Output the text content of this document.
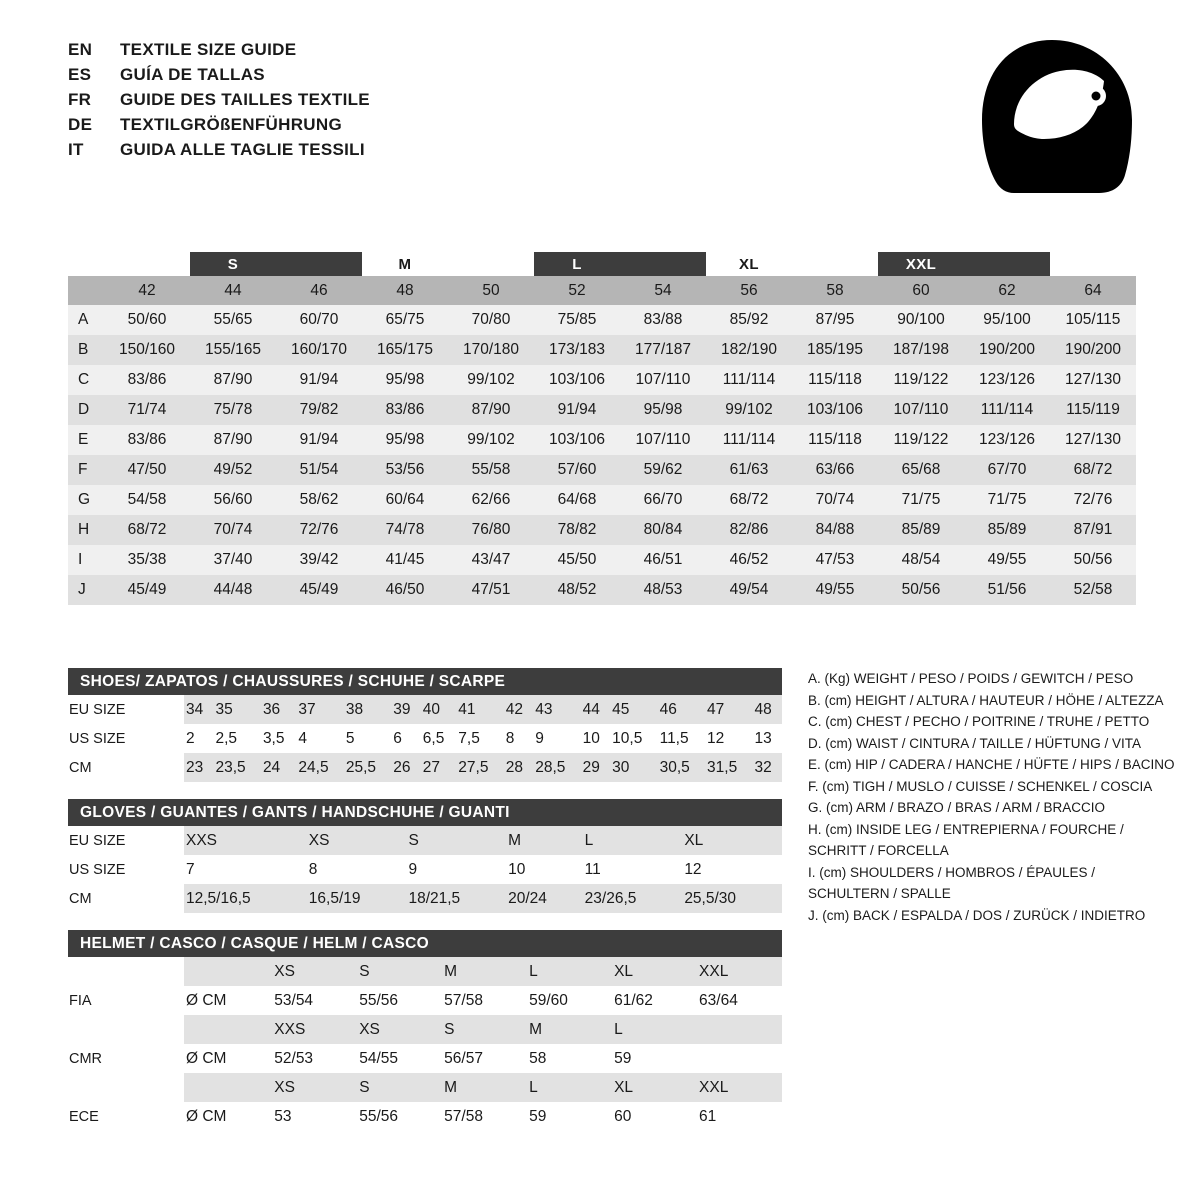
EN	TEXTILE SIZE GUIDE
ES	GUÍA DE TALLAS
FR	GUIDE DES TAILLES TEXTILE
DE	TEXTILGRÖßENFÜHRUNG
IT	GUIDA ALLE TAGLIE TESSILI
		S		M		L		XL		XXL		
	42	44	46	48	50	52	54	56	58	60	62	64
A	50/60	55/65	60/70	65/75	70/80	75/85	83/88	85/92	87/95	90/100	95/100	105/115
B	150/160	155/165	160/170	165/175	170/180	173/183	177/187	182/190	185/195	187/198	190/200	190/200
C	83/86	87/90	91/94	95/98	99/102	103/106	107/110	111/114	115/118	119/122	123/126	127/130
D	71/74	75/78	79/82	83/86	87/90	91/94	95/98	99/102	103/106	107/110	111/114	115/119
E	83/86	87/90	91/94	95/98	99/102	103/106	107/110	111/114	115/118	119/122	123/126	127/130
F	47/50	49/52	51/54	53/56	55/58	57/60	59/62	61/63	63/66	65/68	67/70	68/72
G	54/58	56/60	58/62	60/64	62/66	64/68	66/70	68/72	70/74	71/75	71/75	72/76
H	68/72	70/74	72/76	74/78	76/80	78/82	80/84	82/86	84/88	85/89	85/89	87/91
I	35/38	37/40	39/42	41/45	43/47	45/50	46/51	46/52	47/53	48/54	49/55	50/56
J	45/49	44/48	45/49	46/50	47/51	48/52	48/53	49/54	49/55	50/56	51/56	52/58
SHOES/ ZAPATOS / CHAUSSURES / SCHUHE / SCARPE															
EU SIZE	34	35	36	37	38	39	40	41	42	43	44	45	46	47	48
US SIZE	2	2,5	3,5	4	5	6	6,5	7,5	8	9	10	10,5	11,5	12	13
CM	23	23,5	24	24,5	25,5	26	27	27,5	28	28,5	29	30	30,5	31,5	32
GLOVES / GUANTES / GANTS / HANDSCHUHE / GUANTI						
EU SIZE	XXS	XS	S	M	L	XL
US SIZE	7	8	9	10	11	12
CM	12,5/16,5	16,5/19	18/21,5	20/24	23/26,5	25,5/30
HELMET / CASCO / CASQUE / HELM / CASCO							
		XS	S	M	L	XL	XXL
FIA	Ø CM	53/54	55/56	57/58	59/60	61/62	63/64
		XXS	XS	S	M	L	
CMR	Ø CM	52/53	54/55	56/57	58	59	
		XS	S	M	L	XL	XXL
ECE	Ø CM	53	55/56	57/58	59	60	61
A. (Kg) WEIGHT / PESO / POIDS / GEWITCH / PESO
B. (cm) HEIGHT / ALTURA / HAUTEUR / HÖHE / ALTEZZA
C. (cm) CHEST / PECHO / POITRINE / TRUHE / PETTO
D. (cm) WAIST / CINTURA / TAILLE / HÜFTUNG / VITA
E. (cm) HIP / CADERA / HANCHE / HÜFTE / HIPS / BACINO
F. (cm) TIGH / MUSLO / CUISSE / SCHENKEL / COSCIA
G. (cm) ARM / BRAZO / BRAS / ARM / BRACCIO
H. (cm) INSIDE LEG / ENTREPIERNA / FOURCHE /
SCHRITT / FORCELLA
I. (cm) SHOULDERS / HOMBROS / ÉPAULES /
SCHULTERN / SPALLE
J. (cm) BACK / ESPALDA / DOS / ZURÜCK / INDIETRO
